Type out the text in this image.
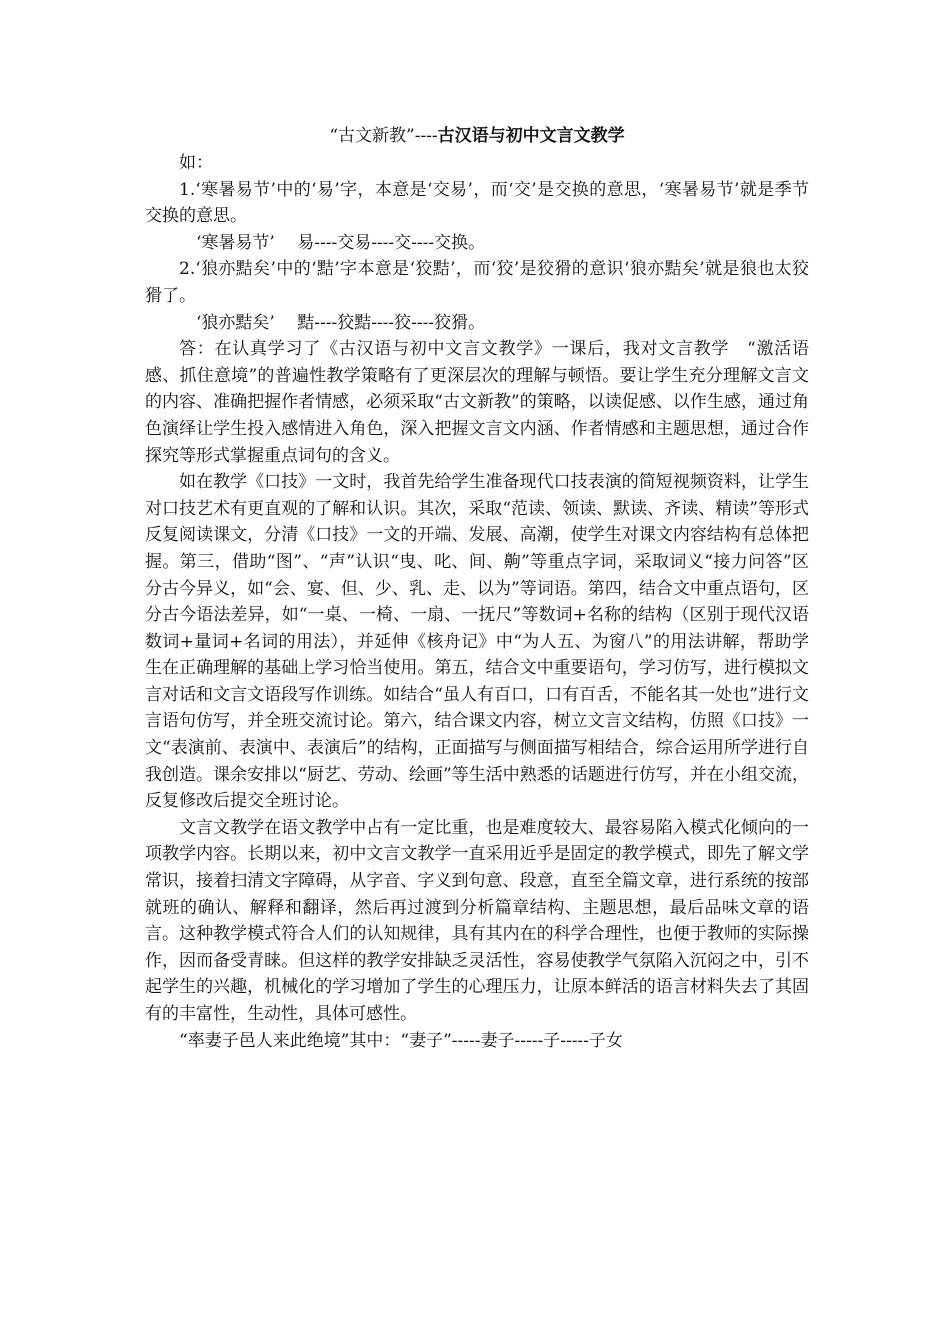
“古文新教”----古汉语与初中文言文教学

如：

1.‘寒暑易节’中的‘易’字，本意是‘交易’，而‘交’是交换的意思，‘寒暑易节’就是季节交换的意思。

‘寒暑易节’　 易----交易----交----交换。

2.‘狼亦黠矣’中的‘黠’字本意是‘狡黠’，而‘狡’是狡猾的意识‘狼亦黠矣’就是狼也太狡猾了。

‘狼亦黠矣’　 黠----狡黠----狡----狡猾。

答：在认真学习了《古汉语与初中文言文教学》一课后，我对文言教学　“激活语感、抓住意境”的普遍性教学策略有了更深层次的理解与顿悟。要让学生充分理解文言文的内容、准确把握作者情感，必须采取“古文新教”的策略，以读促感、以作生感，通过角色演绎让学生投入感情进入角色，深入把握文言文内涵、作者情感和主题思想，通过合作探究等形式掌握重点词句的含义。

如在教学《口技》一文时，我首先给学生准备现代口技表演的简短视频资料，让学生对口技艺术有更直观的了解和认识。其次，采取“范读、领读、默读、齐读、精读”等形式反复阅读课文，分清《口技》一文的开端、发展、高潮，使学生对课文内容结构有总体把握。第三，借助“图”、“声”认识“曳、叱、间、齁”等重点字词，采取词义“接力问答”区分古今异义，如“会、宴、但、少、乳、走、以为”等词语。第四，结合文中重点语句，区分古今语法差异，如“一桌、一椅、一扇、一抚尺”等数词+名称的结构（区别于现代汉语数词+量词+名词的用法），并延伸《核舟记》中“为人五、为窗八”的用法讲解，帮助学生在正确理解的基础上学习恰当使用。第五，结合文中重要语句，学习仿写，进行模拟文言对话和文言文语段写作训练。如结合“虽人有百口，口有百舌，不能名其一处也”进行文言语句仿写，并全班交流讨论。第六，结合课文内容，树立文言文结构，仿照《口技》一文“表演前、表演中、表演后”的结构，正面描写与侧面描写相结合，综合运用所学进行自我创造。课余安排以“厨艺、劳动、绘画”等生活中熟悉的话题进行仿写，并在小组交流，反复修改后提交全班讨论。

文言文教学在语文教学中占有一定比重，也是难度较大、最容易陷入模式化倾向的一项教学内容。长期以来，初中文言文教学一直采用近乎是固定的教学模式，即先了解文学常识，接着扫清文字障碍，从字音、字义到句意、段意，直至全篇文章，进行系统的按部就班的确认、解释和翻译，然后再过渡到分析篇章结构、主题思想，最后品味文章的语言。这种教学模式符合人们的认知规律，具有其内在的科学合理性，也便于教师的实际操作，因而备受青睐。但这样的教学安排缺乏灵活性，容易使教学气氛陷入沉闷之中，引不起学生的兴趣，机械化的学习增加了学生的心理压力，让原本鲜活的语言材料失去了其固有的丰富性，生动性，具体可感性。

“率妻子邑人来此绝境”其中：“妻子”-----妻子-----子-----子女
